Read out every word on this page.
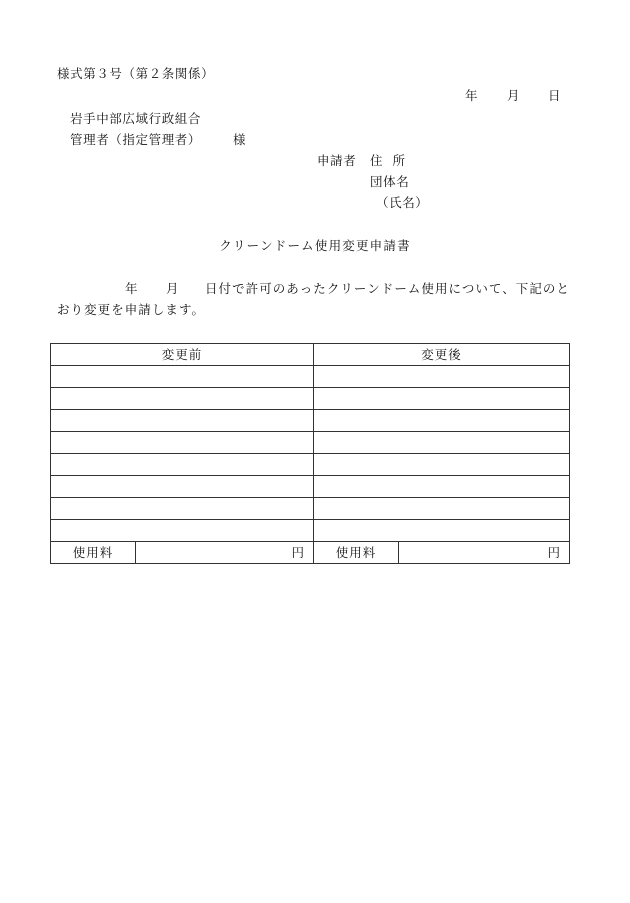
様式第３号（第２条関係）
年 月 日
岩手中部広域行政組合
管理者（指定管理者）	様
申請者 住所
団体名
（氏名）
クリーンドーム使用変更申請書
年 月 日付で許可のあったクリーンドーム使用について、下記のと
おり変更を申請します。
変更前		変更後	

使用料	円	使用料	円
